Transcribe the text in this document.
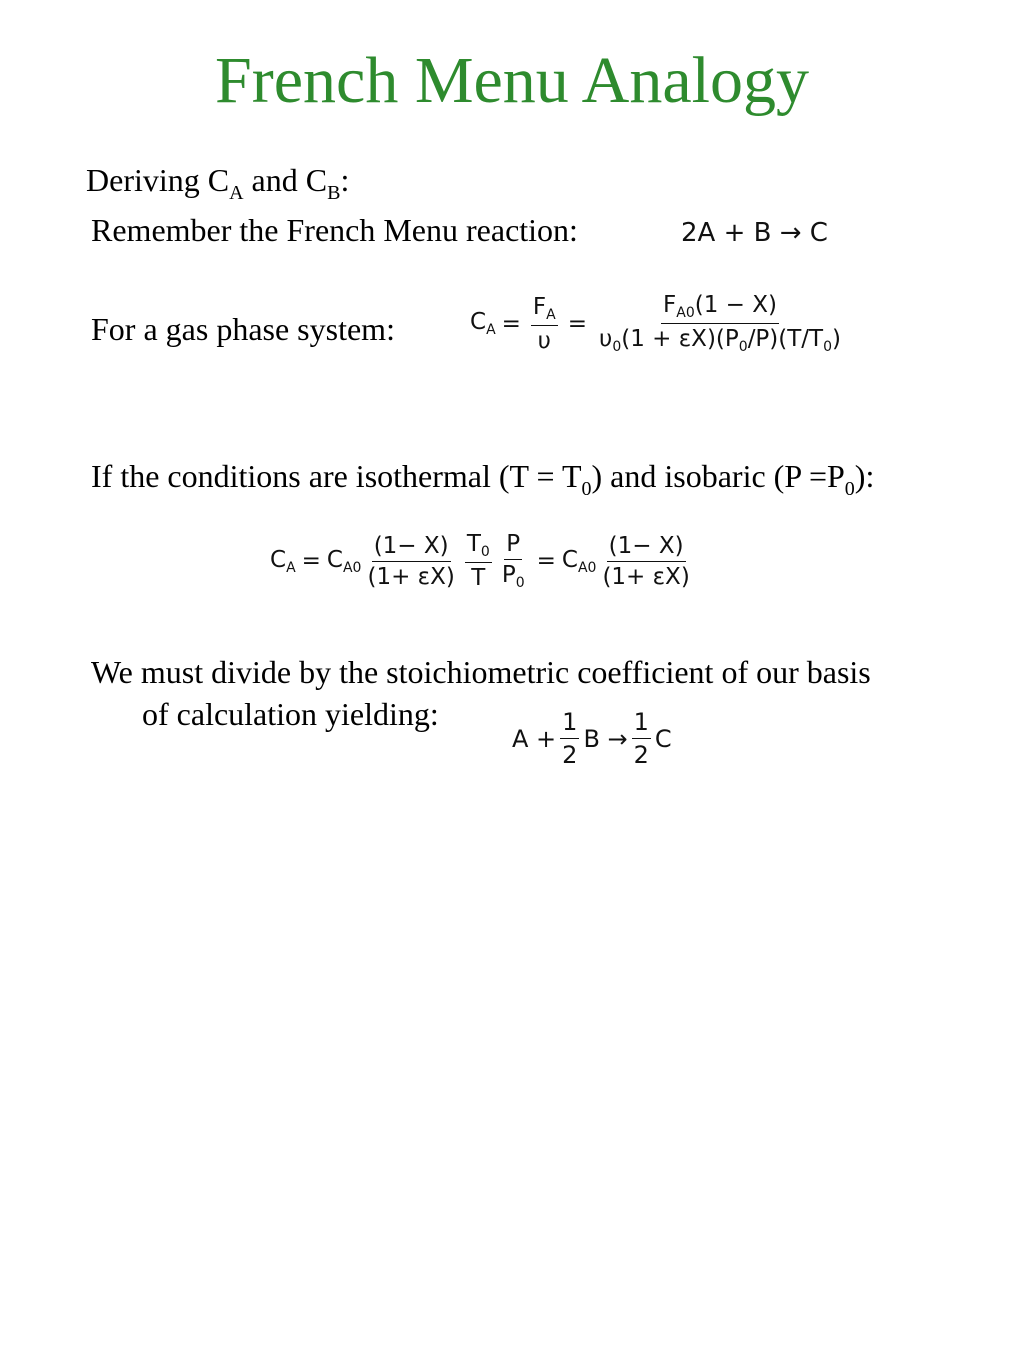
French Menu Analogy
Deriving $C_A$ and $C_B$:
Remember the French Menu reaction:	2A + B → C
For a gas phase system:	$C_A = \frac{F_A}{\upsilon} = \frac{F_{A0}(1 - X)}{\upsilon_0(1 + \varepsilon X)(P_0/P)(T/T_0)}$
If the conditions are isothermal $(T = T_0)$ and isobaric $(P =P_0)$:
$C_A = C_{A0} \frac{(1- X)}{(1+ \varepsilon X)} \frac{T_0}{T} \frac{P}{P_0} = C_{A0} \frac{(1- X)}{(1+ \varepsilon X)}$
We must divide by the stoichiometric coefficient of our basis
of calculation yielding:
$A + \frac{1}{2}$ $B \to \frac{1}{2}$ C
